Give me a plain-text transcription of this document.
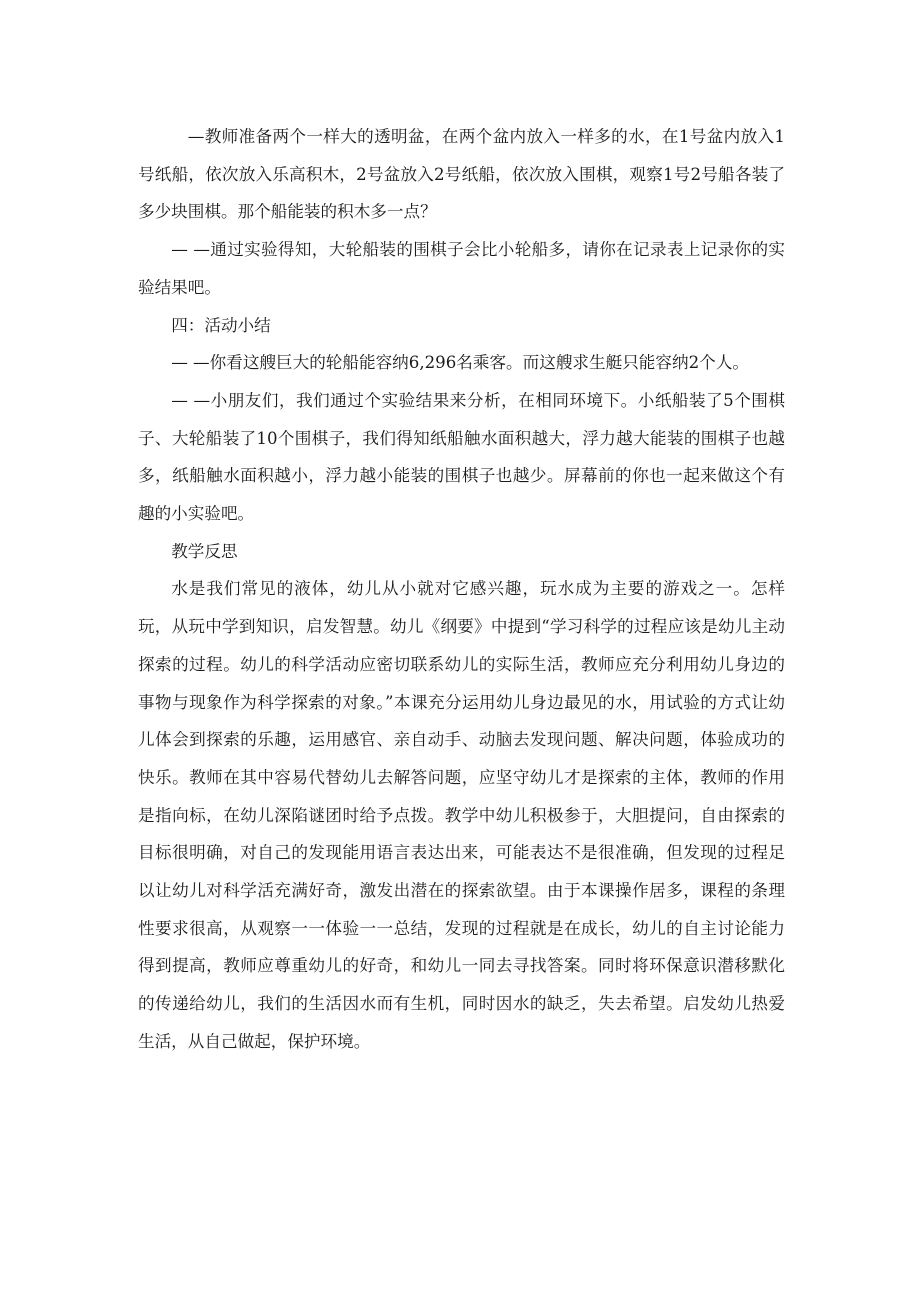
—教师准备两个一样大的透明盆，在两个盆内放入一样多的水，在1号盆内放入1号纸船，依次放入乐高积木，2号盆放入2号纸船，依次放入围棋，观察1号2号船各装了多少块围棋。那个船能装的积木多一点？

— —通过实验得知，大轮船装的围棋子会比小轮船多，请你在记录表上记录你的实验结果吧。

四：活动小结

— —你看这艘巨大的轮船能容纳6,296名乘客。而这艘求生艇只能容纳2个人。

— —小朋友们，我们通过个实验结果来分析，在相同环境下。小纸船装了5个围棋子、大轮船装了10个围棋子，我们得知纸船触水面积越大，浮力越大能装的围棋子也越多，纸船触水面积越小，浮力越小能装的围棋子也越少。屏幕前的你也一起来做这个有趣的小实验吧。

教学反思

水是我们常见的液体，幼儿从小就对它感兴趣，玩水成为主要的游戏之一。怎样玩，从玩中学到知识，启发智慧。幼儿《纲要》中提到“学习科学的过程应该是幼儿主动探索的过程。幼儿的科学活动应密切联系幼儿的实际生活，教师应充分利用幼儿身边的事物与现象作为科学探索的对象。”本课充分运用幼儿身边最见的水，用试验的方式让幼儿体会到探索的乐趣，运用感官、亲自动手、动脑去发现问题、解决问题，体验成功的快乐。教师在其中容易代替幼儿去解答问题，应坚守幼儿才是探索的主体，教师的作用是指向标，在幼儿深陷谜团时给予点拨。教学中幼儿积极参于，大胆提问，自由探索的目标很明确，对自己的发现能用语言表达出来，可能表达不是很准确，但发现的过程足以让幼儿对科学活充满好奇，激发出潜在的探索欲望。由于本课操作居多，课程的条理性要求很高，从观察一一体验一一总结，发现的过程就是在成长，幼儿的自主讨论能力得到提高，教师应尊重幼儿的好奇，和幼儿一同去寻找答案。同时将环保意识潜移默化的传递给幼儿，我们的生活因水而有生机，同时因水的缺乏，失去希望。启发幼儿热爱生活，从自己做起，保护环境。
